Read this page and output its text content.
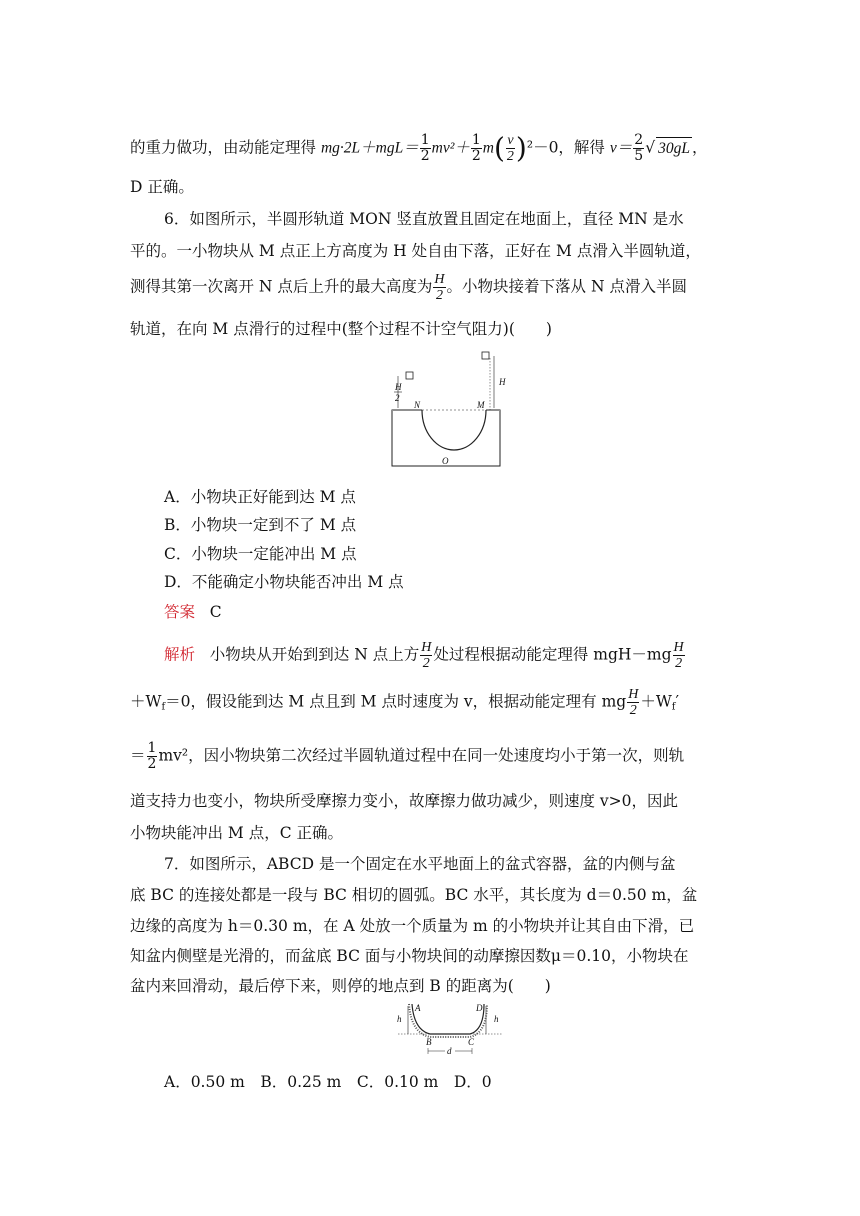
的重力做功，由动能定理得 $mg\cdot 2L+mgL= \frac{1}{2} mv^2+ \frac{1}{2} m( \frac{v}{2} )^2-0$，解得 $v= \frac{2}{5}$ √ 30gL ，
D 正确。
6．如图所示，半圆形轨道 MON 竖直放置且固定在地面上，直径 MN 是水
平的。一小物块从 M 点正上方高度为 H 处自由下落，正好在 M 点滑入半圆轨道，
测得其第一次离开 N 点后上升的最大高度为 $\frac{H}{2}$ 。小物块接着下落从 N 点滑入半圆
轨道，在向 M 点滑行的过程中(整个过程不计空气阻力)(　　)
H
H
2
N	M
O
A．小物块正好能到达 M 点
B．小物块一定到不了 M 点
C．小物块一定能冲出 M 点
D．不能确定小物块能否冲出 M 点
答案 C
解析 小物块从开始到到达 N 点上方 $\frac{H}{2}$ 处过程根据动能定理得 $mgH-mg \frac{H}{2}$
$+W_f=0$，假设能到达 M 点且到 M 点时速度为 v，根据动能定理有 mg $\frac{H}{2} +W_f'$
＝ $\frac{1}{2} mv^2$，因小物块第二次经过半圆轨道过程中在同一处速度均小于第一次，则轨
道支持力也变小，物块所受摩擦力变小，故摩擦力做功减少，则速度 v>0，因此
小物块能冲出 M 点，C 正确。
7．如图所示，ABCD 是一个固定在水平地面上的盆式容器，盆的内侧与盆
底 BC 的连接处都是一段与 BC 相切的圆弧。BC 水平，其长度为 d＝0.50 m，盆
边缘的高度为 h＝0.30 m，在 A 处放一个质量为 m 的小物块并让其自由下滑，已
知盆内侧壁是光滑的，而盆底 BC 面与小物块间的动摩擦因数μ＝0.10，小物块在
盆内来回滑动，最后停下来，则停的地点到 B 的距离为(　　)
h	h
A	D
B	C
d
A．0.50 m　B．0.25 m　C．0.10 m　D．0
